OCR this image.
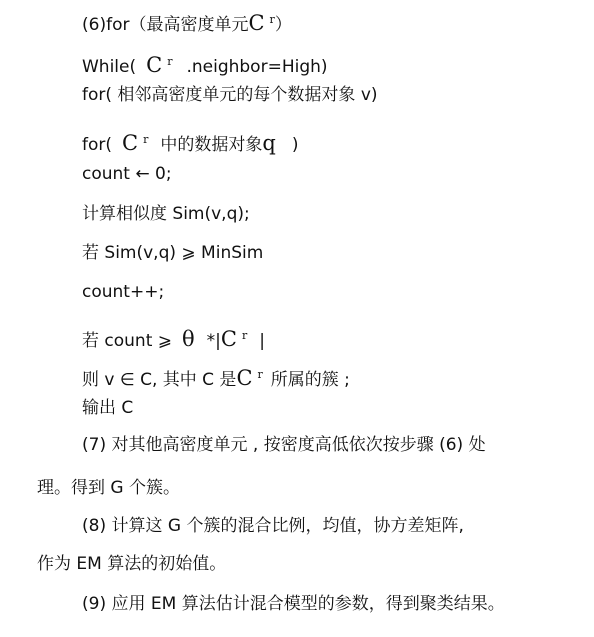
(6)for（最高密度单元C $^r$）
While( C $^r$ .neighbor=High)
for( 相邻高密度单元的每个数据对象 v)
for( C $^r$ 中的数据对象q )
count ← 0;
计算相似度 Sim(v,q);
若 Sim(v,q) ⩾ MinSim
count++;
若 count ⩾ θ *|C $^r$ |
则 v ∈ C, 其中 C 是C $^r$ 所属的簇 ;
输出 C
(7) 对其他高密度单元 , 按密度高低依次按步骤 (6) 处
理。得到 G 个簇。
(8) 计算这 G 个簇的混合比例，均值，协方差矩阵,
作为 EM 算法的初始值。
(9) 应用 EM 算法估计混合模型的参数，得到聚类结果。
